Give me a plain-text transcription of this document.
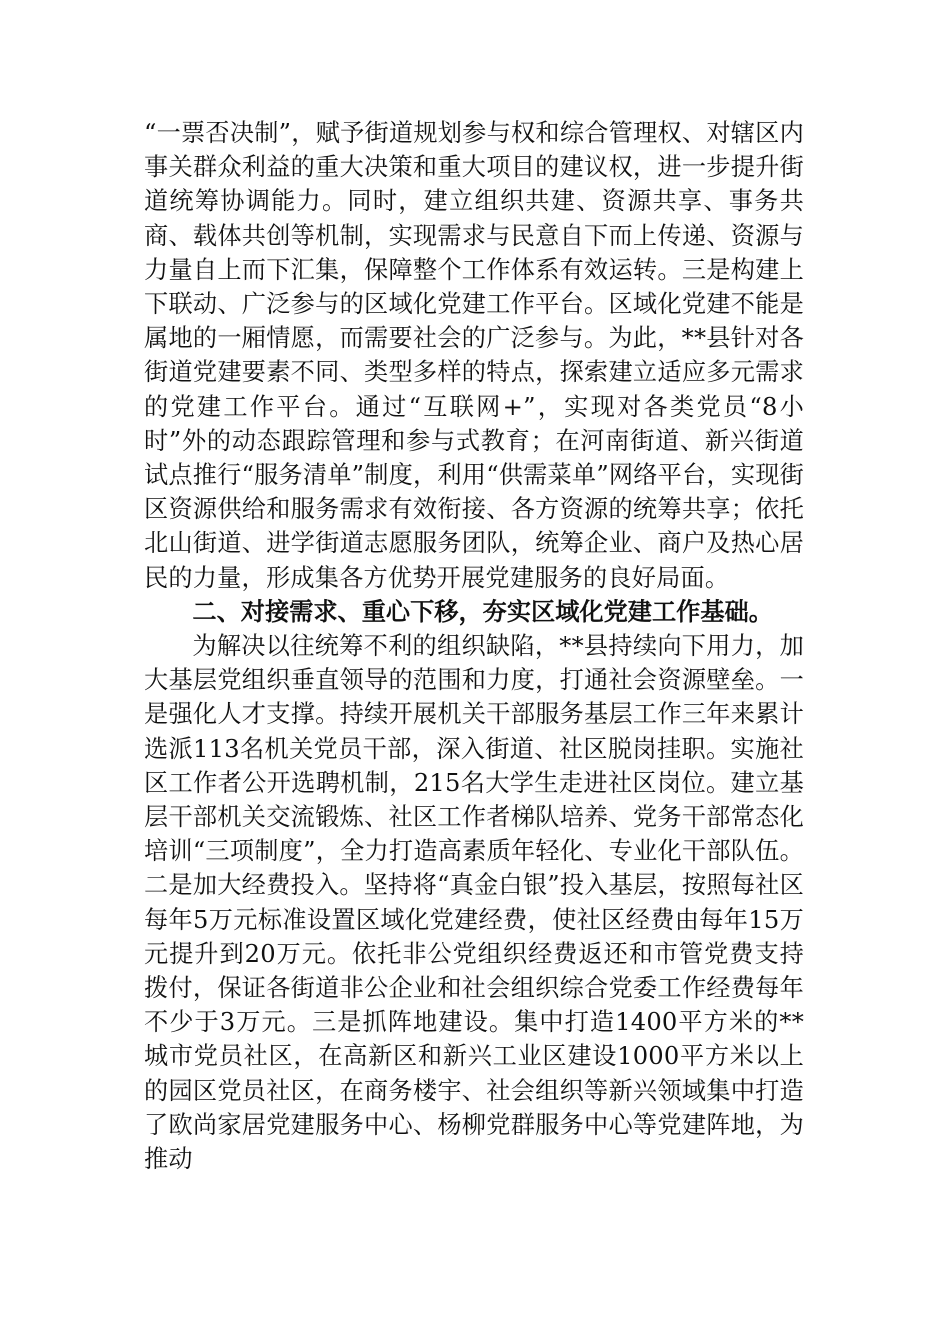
“一票否决制”，赋予街道规划参与权和综合管理权、对辖区内事关群众利益的重大决策和重大项目的建议权，进一步提升街道统筹协调能力。同时，建立组织共建、资源共享、事务共商、载体共创等机制，实现需求与民意自下而上传递、资源与力量自上而下汇集，保障整个工作体系有效运转。三是构建上下联动、广泛参与的区域化党建工作平台。区域化党建不能是属地的一厢情愿，而需要社会的广泛参与。为此，**县针对各街道党建要素不同、类型多样的特点，探索建立适应多元需求的党建工作平台。通过“互联网+”，实现对各类党员“8小时”外的动态跟踪管理和参与式教育；在河南街道、新兴街道试点推行“服务清单”制度，利用“供需菜单”网络平台，实现街区资源供给和服务需求有效衔接、各方资源的统筹共享；依托北山街道、进学街道志愿服务团队，统筹企业、商户及热心居民的力量，形成集各方优势开展党建服务的良好局面。

二、对接需求、重心下移，夯实区域化党建工作基础。

为解决以往统筹不利的组织缺陷，**县持续向下用力，加大基层党组织垂直领导的范围和力度，打通社会资源壁垒。一是强化人才支撑。持续开展机关干部服务基层工作三年来累计选派113名机关党员干部，深入街道、社区脱岗挂职。实施社区工作者公开选聘机制，215名大学生走进社区岗位。建立基层干部机关交流锻炼、社区工作者梯队培养、党务干部常态化培训“三项制度”，全力打造高素质年轻化、专业化干部队伍。二是加大经费投入。坚持将“真金白银”投入基层，按照每社区每年5万元标准设置区域化党建经费，使社区经费由每年15万元提升到20万元。依托非公党组织经费返还和市管党费支持拨付，保证各街道非公企业和社会组织综合党委工作经费每年不少于3万元。三是抓阵地建设。集中打造1400平方米的**城市党员社区，在高新区和新兴工业区建设1000平方米以上的园区党员社区，在商务楼宇、社会组织等新兴领域集中打造了欧尚家居党建服务中心、杨柳党群服务中心等党建阵地，为推动
